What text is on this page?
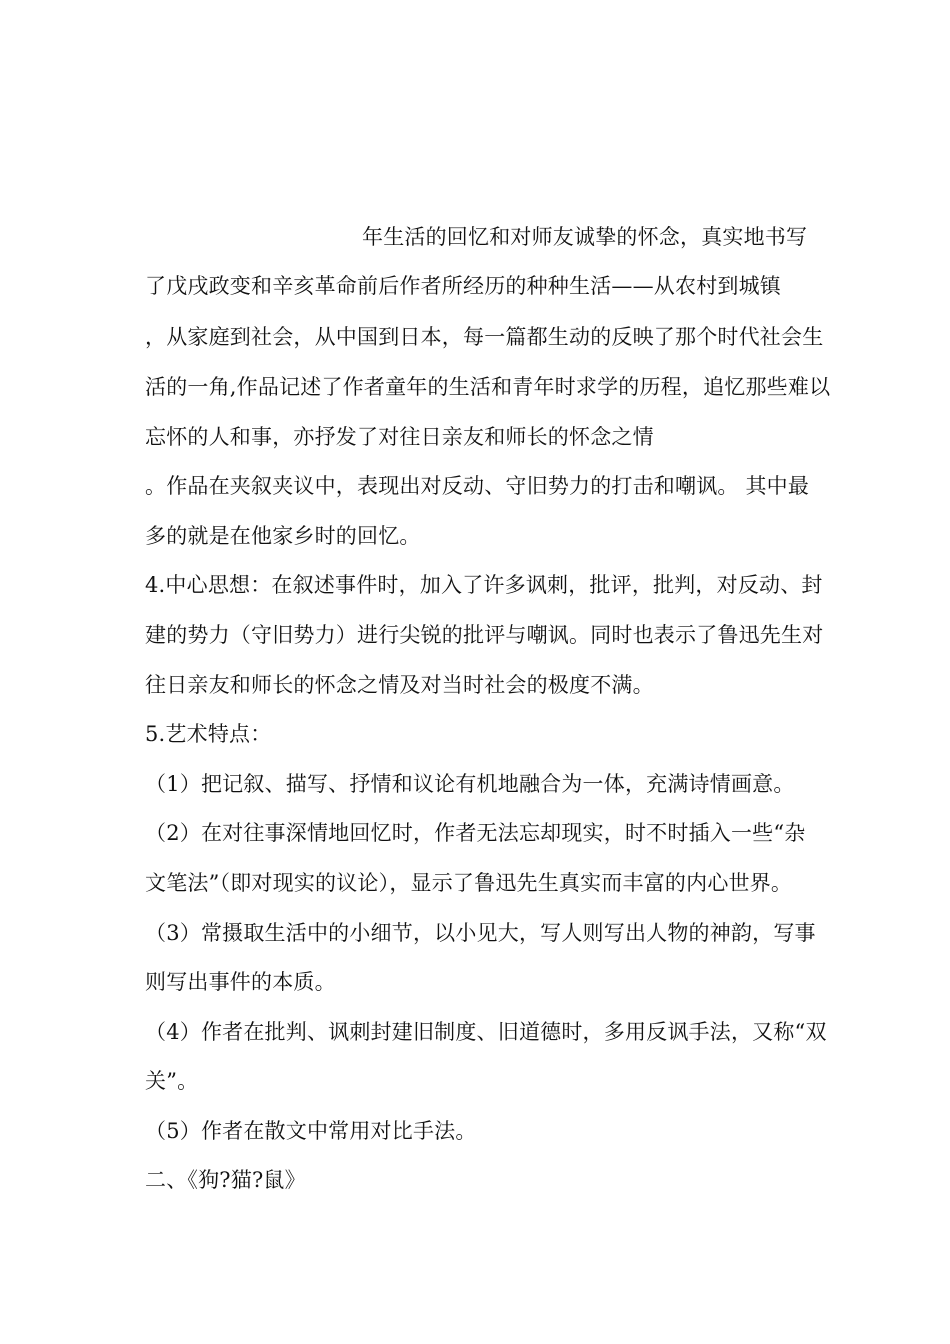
年生活的回忆和对师友诚挚的怀念，真实地书写
了戊戌政变和辛亥革命前后作者所经历的种种生活——从农村到城镇
，从家庭到社会，从中国到日本，每一篇都生动的反映了那个时代社会生
活的一角,作品记述了作者童年的生活和青年时求学的历程，追忆那些难以
忘怀的人和事，亦抒发了对往日亲友和师长的怀念之情
。作品在夹叙夹议中，表现出对反动、守旧势力的打击和嘲讽。 其中最
多的就是在他家乡时的回忆。
4.中心思想：在叙述事件时，加入了许多讽刺，批评，批判，对反动、封
建的势力（守旧势力）进行尖锐的批评与嘲讽。同时也表示了鲁迅先生对
往日亲友和师长的怀念之情及对当时社会的极度不满。
5.艺术特点：
（1）把记叙、描写、抒情和议论有机地融合为一体，充满诗情画意。
（2）在对往事深情地回忆时，作者无法忘却现实，时不时插入一些“杂
文笔法”（即对现实的议论），显示了鲁迅先生真实而丰富的内心世界。
（3）常摄取生活中的小细节，以小见大，写人则写出人物的神韵，写事
则写出事件的本质。
（4）作者在批判、讽刺封建旧制度、旧道德时，多用反讽手法，又称“双
关”。
（5）作者在散文中常用对比手法。
二、《狗?猫?鼠》
